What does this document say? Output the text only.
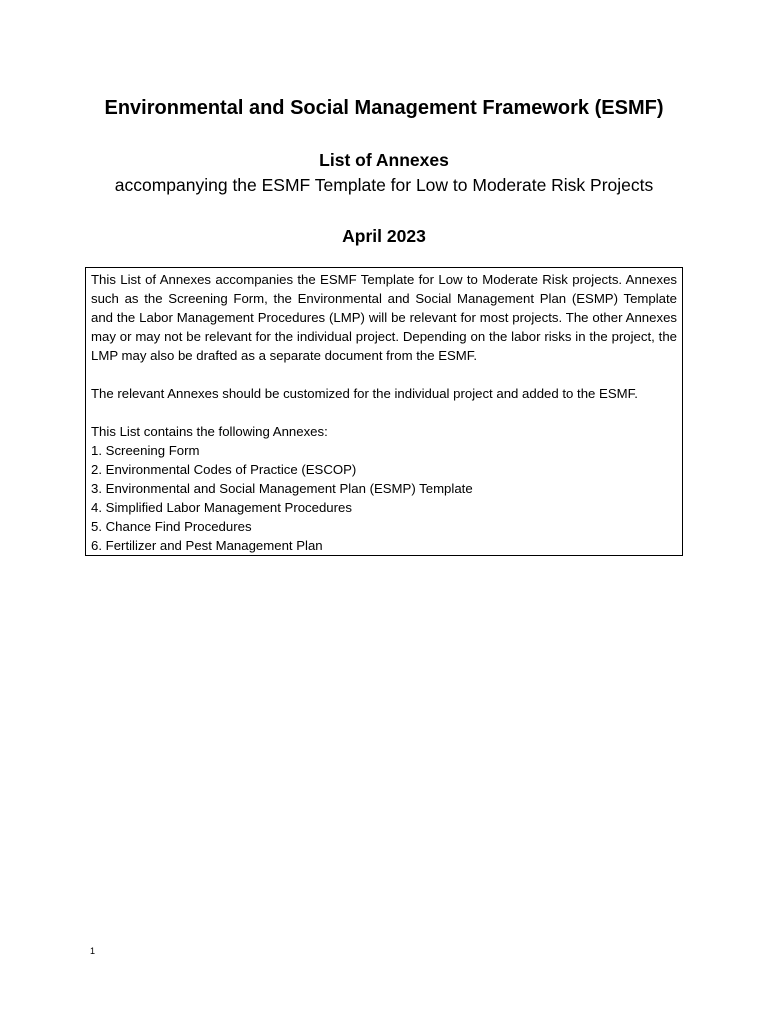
Environmental and Social Management Framework (ESMF)
List of Annexes
accompanying the ESMF Template for Low to Moderate Risk Projects
April 2023

This List of Annexes accompanies the ESMF Template for Low to Moderate Risk projects. Annexes such as the Screening Form, the Environmental and Social Management Plan (ESMP) Template and the Labor Management Procedures (LMP) will be relevant for most projects. The other Annexes may or may not be relevant for the individual project. Depending on the labor risks in the project, the LMP may also be drafted as a separate document from the ESMF.

The relevant Annexes should be customized for the individual project and added to the ESMF.

This List contains the following Annexes:

1. Screening Form
2. Environmental Codes of Practice (ESCOP)
3. Environmental and Social Management Plan (ESMP) Template
4. Simplified Labor Management Procedures
5. Chance Find Procedures
6. Fertilizer and Pest Management Plan
1
